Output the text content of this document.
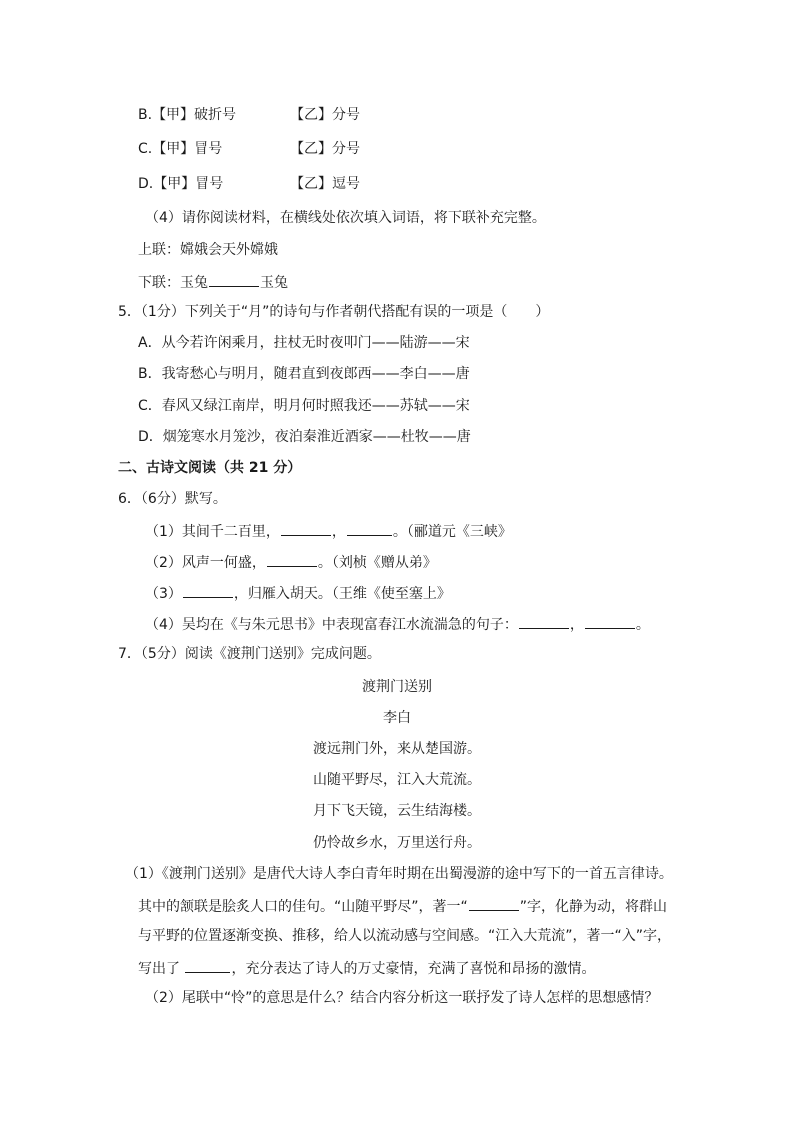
B.【甲】破折号	【乙】分号
C.【甲】冒号	【乙】分号
D.【甲】冒号	【乙】逗号
（4）请你阅读材料，在横线处依次填入词语，将下联补充完整。
上联：嫦娥会天外嫦娥
下联：玉兔	玉兔
5．（1分）下列关于“月”的诗句与作者朝代搭配有误的一项是（　　）
A．从今若许闲乘月，拄杖无时夜叩门——陆游——宋
B．我寄愁心与明月，随君直到夜郎西——李白——唐
C．春风又绿江南岸，明月何时照我还——苏轼——宋
D．烟笼寒水月笼沙，夜泊秦淮近酒家——杜牧——唐
二、古诗文阅读（共 21 分）
6．（6分）默写。
（1）其间千二百里，	，	。（郦道元《三峡》
（2）风声一何盛，	。（刘桢《赠从弟》
（3）	，归雁入胡天。（王维《使至塞上》
（4）吴均在《与朱元思书》中表现富春江水流湍急的句子：	，	。
7．（5分）阅读《渡荆门送别》完成问题。
渡荆门送别
李白
渡远荆门外，来从楚国游。
山随平野尽，江入大荒流。
月下飞天镜，云生结海楼。
仍怜故乡水，万里送行舟。
（1）《渡荆门送别》是唐代大诗人李白青年时期在出蜀漫游的途中写下的一首五言律诗。
其中的颔联是脍炙人口的佳句。“山随平野尽”，著一“	”字，化静为动，将群山
与平野的位置逐渐变换、推移，给人以流动感与空间感。“江入大荒流”，著一“入”字，
写出了	，充分表达了诗人的万丈豪情，充满了喜悦和昂扬的激情。
（2）尾联中“怜”的意思是什么？结合内容分析这一联抒发了诗人怎样的思想感情？
